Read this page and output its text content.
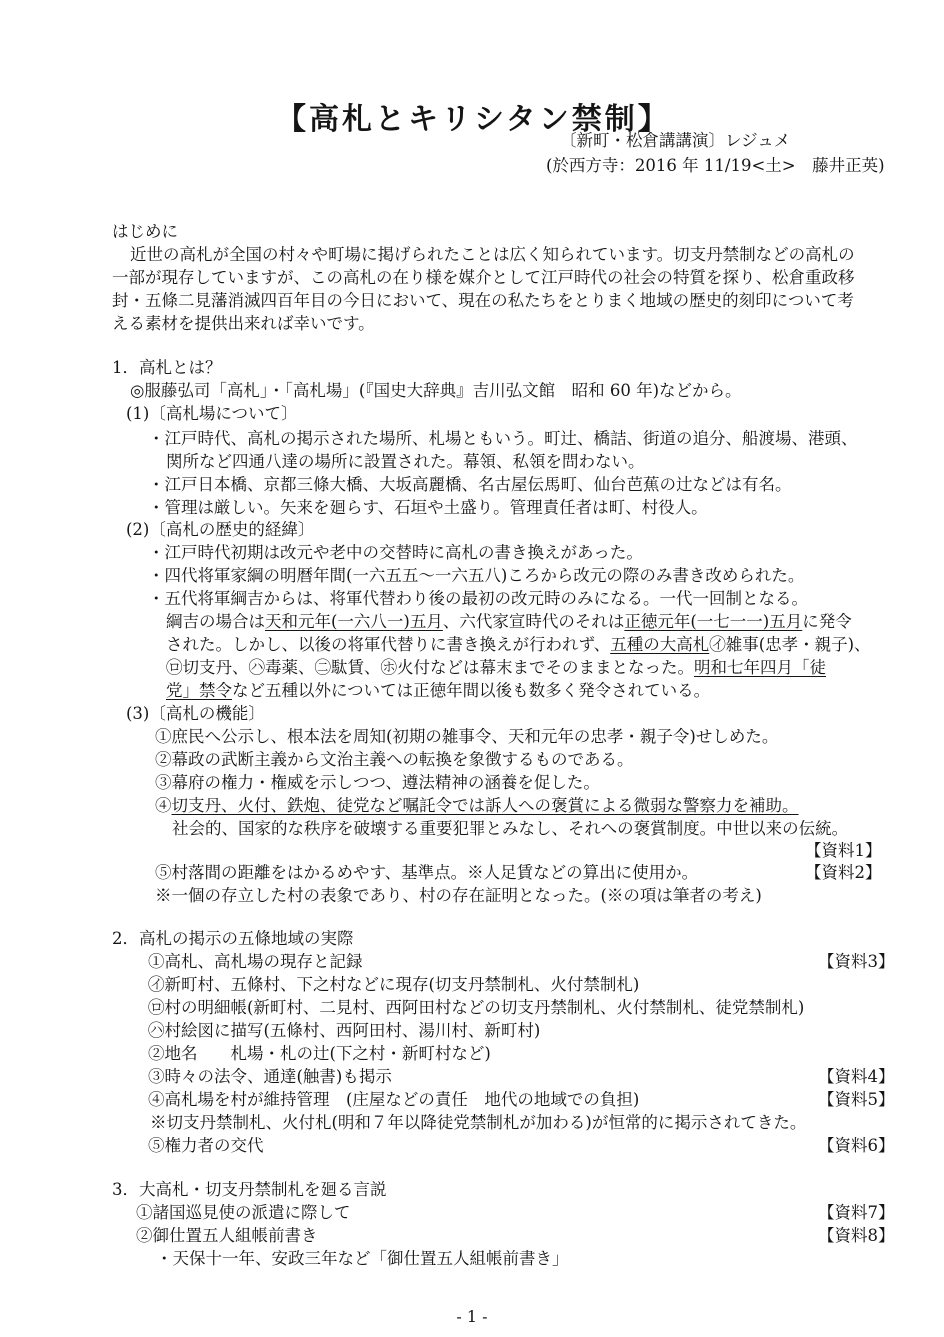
【高札とキリシタン禁制】
〔新町・松倉講講演〕レジュメ
(於西方寺：2016 年 11/19<土>　藤井正英)
はじめに
近世の高札が全国の村々や町場に掲げられたことは広く知られています。切支丹禁制などの高札の
一部が現存していますが、この高札の在り様を媒介として江戸時代の社会の特質を探り、松倉重政移
封・五條二見藩消滅四百年目の今日において、現在の私たちをとりまく地域の歴史的刻印について考
える素材を提供出来れば幸いです。
1．高札とは？
◎服藤弘司「高札」・「高札場」(『国史大辞典』吉川弘文館　昭和 60 年)などから。
(1)〔高札場について〕
・江戸時代、高札の掲示された場所、札場ともいう。町辻、橋詰、街道の追分、船渡場、港頭、
関所など四通八達の場所に設置された。幕領、私領を問わない。
・江戸日本橋、京都三條大橋、大坂高麗橋、名古屋伝馬町、仙台芭蕉の辻などは有名。
・管理は厳しい。矢来を廻らす、石垣や土盛り。管理責任者は町、村役人。
(2)〔高札の歴史的経緯〕
・江戸時代初期は改元や老中の交替時に高札の書き換えがあった。
・四代将軍家綱の明暦年間(一六五五〜一六五八)ころから改元の際のみ書き改められた。
・五代将軍綱吉からは、将軍代替わり後の最初の改元時のみになる。一代一回制となる。
綱吉の場合は天和元年(一六八一)五月、六代家宣時代のそれは正徳元年(一七一一)五月に発令
された。しかし、以後の将軍代替りに書き換えが行われず、五種の大高札㋑雑事(忠孝・親子)、
㋺切支丹、㋩毒薬、㊁駄賃、㋭火付などは幕末までそのままとなった。明和七年四月「徒
党」禁令など五種以外については正徳年間以後も数多く発令されている。
(3)〔高札の機能〕
①庶民へ公示し、根本法を周知(初期の雑事令、天和元年の忠孝・親子令)せしめた。
②幕政の武断主義から文治主義への転換を象徴するものである。
③幕府の権力・権威を示しつつ、遵法精神の涵養を促した。
④切支丹、火付、鉄炮、徒党など嘱託令では訴人への褒賞による微弱な警察力を補助。
社会的、国家的な秩序を破壊する重要犯罪とみなし、それへの褒賞制度。中世以来の伝統。
【資料1】
⑤村落間の距離をはかるめやす、基準点。※人足賃などの算出に使用か。	【資料2】
※一個の存立した村の表象であり、村の存在証明となった。(※の項は筆者の考え)
2．高札の掲示の五條地域の実際
①高札、高札場の現存と記録	【資料3】
㋑新町村、五條村、下之村などに現存(切支丹禁制札、火付禁制札)
㋺村の明細帳(新町村、二見村、西阿田村などの切支丹禁制札、火付禁制札、徒党禁制札)
㋩村絵図に描写(五條村、西阿田村、湯川村、新町村)
②地名　　札場・札の辻(下之村・新町村など)
③時々の法令、通達(触書)も掲示	【資料4】
④高札場を村が維持管理　(庄屋などの責任　地代の地域での負担)	【資料5】
※切支丹禁制札、火付札(明和７年以降徒党禁制札が加わる)が恒常的に掲示されてきた。
⑤権力者の交代	【資料6】
3．大高札・切支丹禁制札を廻る言説
①諸国巡見使の派遣に際して	【資料7】
②御仕置五人組帳前書き	【資料8】
・天保十一年、安政三年など「御仕置五人組帳前書き」
- 1 -
